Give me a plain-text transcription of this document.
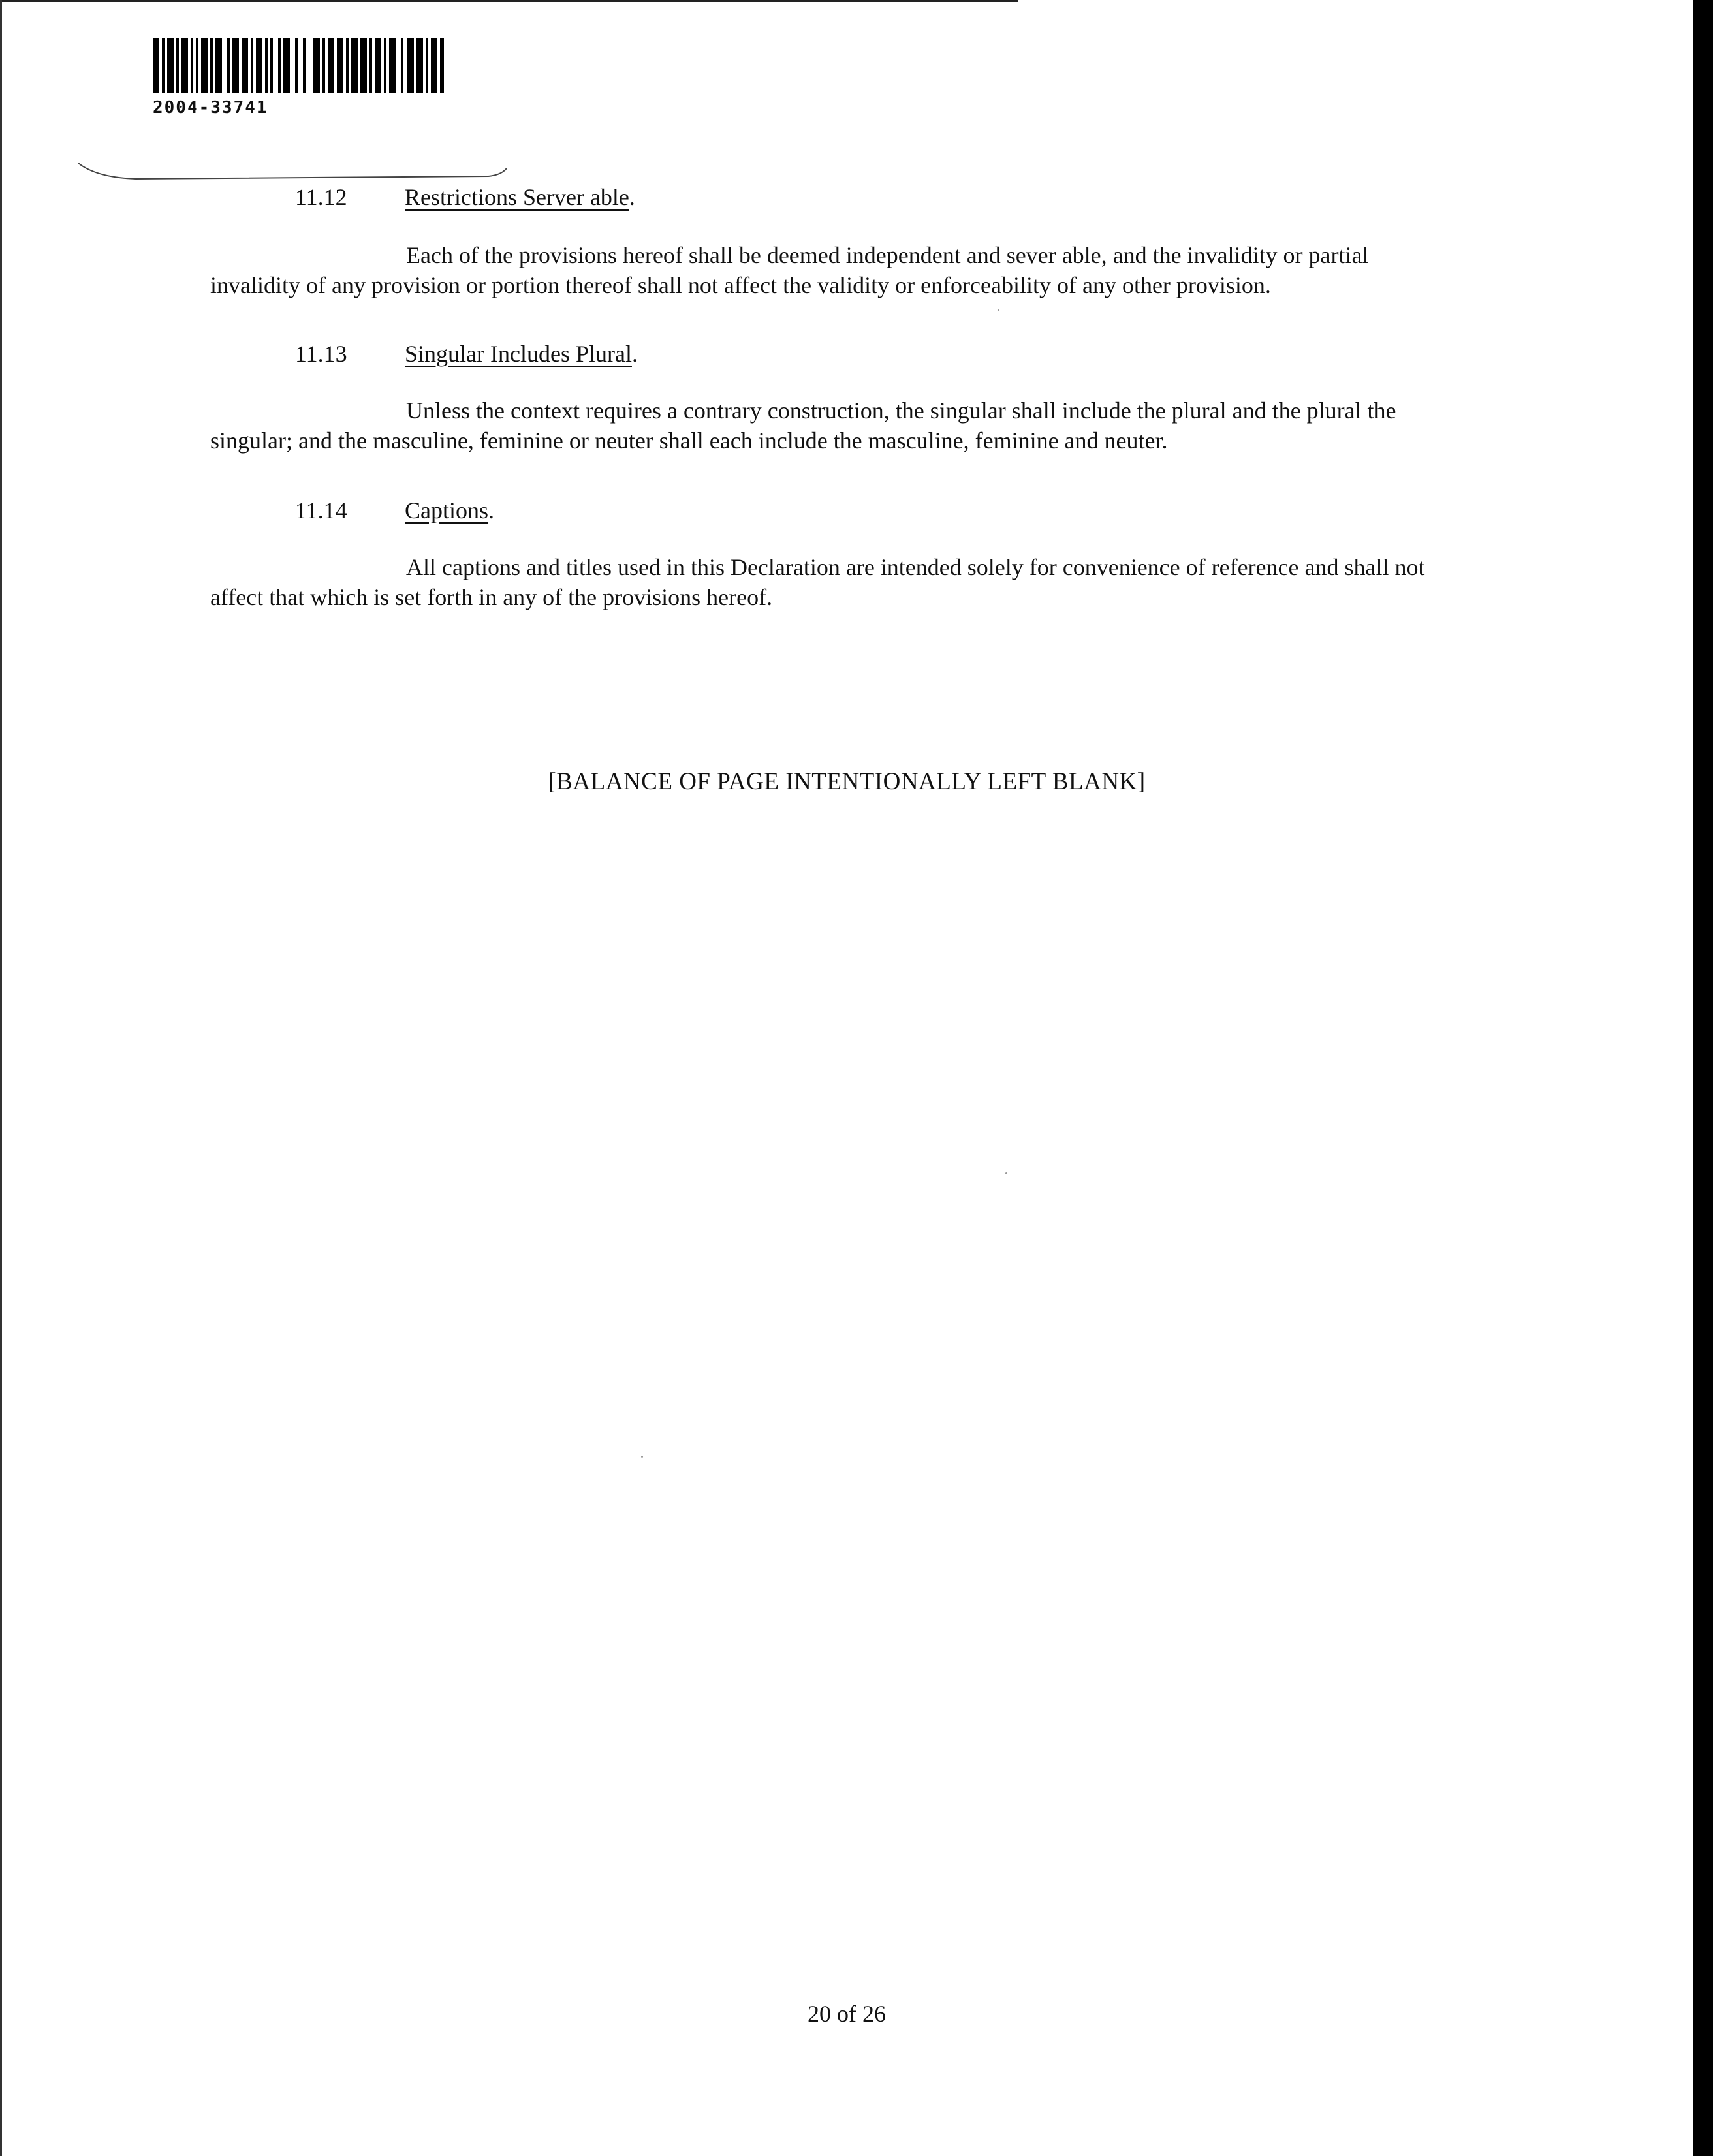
2004-33741
11.12 Restrictions Server able.
Each of the provisions hereof shall be deemed independent and sever able, and the invalidity or partial
invalidity of any provision or portion thereof shall not affect the validity or enforceability of any other provision.
11.13 Singular Includes Plural.
Unless the context requires a contrary construction, the singular shall include the plural and the plural the
singular; and the masculine, feminine or neuter shall each include the masculine, feminine and neuter.
11.14 Captions.
All captions and titles used in this Declaration are intended solely for convenience of reference and shall not
affect that which is set forth in any of the provisions hereof.
[BALANCE OF PAGE INTENTIONALLY LEFT BLANK]
20 of 26
